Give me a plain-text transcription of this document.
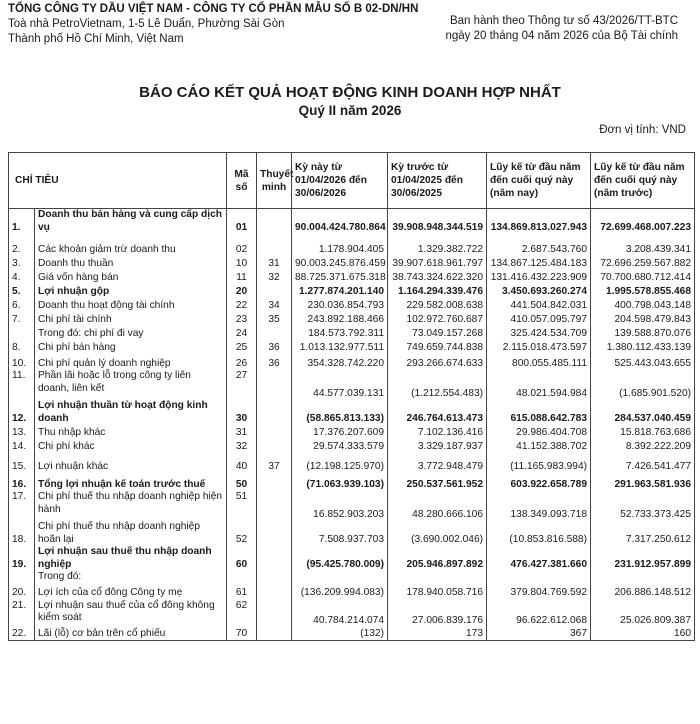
TỔNG CÔNG TY DẦU VIỆT NAM - CÔNG TY CỔ PHẦN MẪU SỐ B 02-DN/HN
Toà nhà PetroVietnam, 1-5 Lê Duẩn, Phường Sài Gòn
Thành phố Hồ Chí Minh, Việt Nam
Ban hành theo Thông tư số 43/2026/TT-BTC
ngày 20 tháng 04 năm 2026 của Bộ Tài chính
BÁO CÁO KẾT QUẢ HOẠT ĐỘNG KINH DOANH HỢP NHẤT
Quý II năm 2026
Đơn vị tính: VND
CHỈ TIÊU		Mã số	Thuyết minh	Kỳ này từ 01/04/2026 đến 30/06/2026	Kỳ trước từ 01/04/2025 đến 30/06/2025	Lũy kế từ đầu năm đến cuối quý này (năm nay)	Lũy kế từ đầu năm đến cuối quý này (năm trước)
1.	Doanh thu bán hàng và cung cấp dịch vụ	01		90.004.424.780.864	39.908.948.344.519	134.869.813.027.943	72.699.468.007.223
2.	Các khoản giảm trừ doanh thu	02		1.178.904.405	1.329.382.722	2.687.543.760	3.208.439.341
3.	Doanh thu thuần	10	31	90.003.245.876.459	39.907.618.961.797	134.867.125.484.183	72.696.259.567.882
4.	Giá vốn hàng bán	11	32	88.725.371.675.318	38.743.324.622.320	131.416.432.223.909	70.700.680.712.414
5.	Lợi nhuận gộp	20		1.277.874.201.140	1.164.294.339.476	3.450.693.260.274	1.995.578.855.468
6.	Doanh thu hoạt động tài chính	22	34	230.036.854.793	229.582.008.638	441.504.842.031	400.798.043.148
7.	Chi phí tài chính	23	35	243.892.188.466	102.972.760.687	410.057.095.797	204.598.479.843
	Trong đó: chi phí đi vay	24		184.573.792.311	73.049.157.268	325.424.534.709	139.588.870.076
8.	Chi phí bán hàng	25	36	1.013.132.977.511	749.659.744.838	2.115.018.473.597	1.380.112.433.139
10.	Chi phí quản lý doanh nghiệp	26	36	354.328.742.220	293.266.674.633	800.055.485.111	525.443.043.655
11.	Phần lãi hoặc lỗ trong công ty liên doanh, liên kết	27		44.577.039.131	(1.212.554.483)	48.021.594.984	(1.685.901.520)
12.	Lợi nhuận thuần từ hoạt động kinh doanh	30		(58.865.813.133)	246.764.613.473	615.088.642.783	284.537.040.459
13.	Thu nhập khác	31		17.376.207.609	7.102.136.416	29.986.404.708	15.818.763.686
14.	Chi phí khác	32		29.574.333.579	3.329.187.937	41.152.388.702	8.392.222.209
15.	Lợi nhuận khác	40	37	(12.198.125.970)	3.772.948.479	(11.165.983.994)	7.426.541.477
16.	Tổng lợi nhuận kế toán trước thuế	50		(71.063.939.103)	250.537.561.952	603.922.658.789	291.963.581.936
17.	Chi phí thuế thu nhập doanh nghiệp hiện hành	51		16.852.903.203	48.280.666.106	138.349.093.718	52.733.373.425
18.	Chi phí thuế thu nhập doanh nghiệp hoãn lại	52		7.508.937.703	(3.690.002.046)	(10.853.816.588)	7.317.250.612
19.	Lợi nhuận sau thuế thu nhập doanh nghiệp	60		(95.425.780.009)	205.946.897.892	476.427.381.660	231.912.957.899
	Trong đó:						
20.	Lợi ích của cổ đông Công ty mẹ	61		(136.209.994.083)	178.940.058.716	379.804.769.592	206.886.148.512
21.	Lợi nhuận sau thuế của cổ đông không kiểm soát	62		40.784.214.074	27.006.839.176	96.622.612.068	25.026.809.387
22.	Lãi (lỗ) cơ bản trên cổ phiếu	70		(132)	173	367	160
